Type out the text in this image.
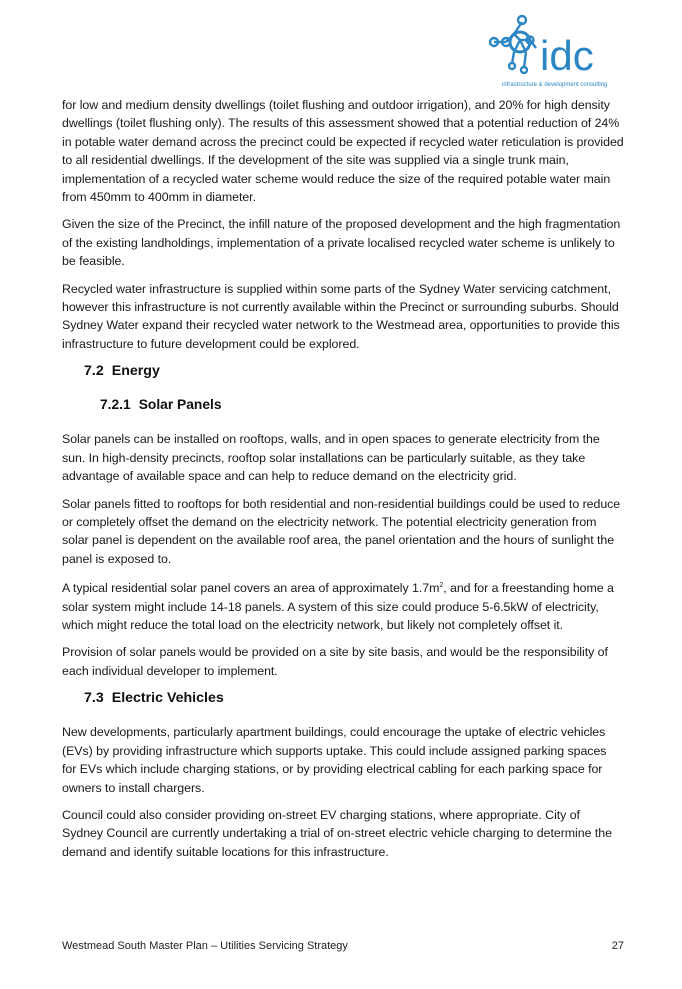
idc
infrastructure & development consulting

for low and medium density dwellings (toilet flushing and outdoor irrigation), and 20% for high density dwellings (toilet flushing only). The results of this assessment showed that a potential reduction of 24% in potable water demand across the precinct could be expected if recycled water reticulation is provided to all residential dwellings. If the development of the site was supplied via a single trunk main, implementation of a recycled water scheme would reduce the size of the required potable water main from 450mm to 400mm in diameter.

Given the size of the Precinct, the infill nature of the proposed development and the high fragmentation of the existing landholdings, implementation of a private localised recycled water scheme is unlikely to be feasible.

Recycled water infrastructure is supplied within some parts of the Sydney Water servicing catchment, however this infrastructure is not currently available within the Precinct or surrounding suburbs. Should Sydney Water expand their recycled water network to the Westmead area, opportunities to provide this infrastructure to future development could be explored.

7.2 Energy
7.2.1 Solar Panels

Solar panels can be installed on rooftops, walls, and in open spaces to generate electricity from the sun. In high-density precincts, rooftop solar installations can be particularly suitable, as they take advantage of available space and can help to reduce demand on the electricity grid.

Solar panels fitted to rooftops for both residential and non-residential buildings could be used to reduce or completely offset the demand on the electricity network. The potential electricity generation from solar panel is dependent on the available roof area, the panel orientation and the hours of sunlight the panel is exposed to.

A typical residential solar panel covers an area of approximately $1.7m^2$, and for a freestanding home a solar system might include 14-18 panels. A system of this size could produce 5-6.5kW of electricity, which might reduce the total load on the electricity network, but likely not completely offset it.

Provision of solar panels would be provided on a site by site basis, and would be the responsibility of each individual developer to implement.

7.3 Electric Vehicles

New developments, particularly apartment buildings, could encourage the uptake of electric vehicles (EVs) by providing infrastructure which supports uptake. This could include assigned parking spaces for EVs which include charging stations, or by providing electrical cabling for each parking space for owners to install chargers.

Council could also consider providing on-street EV charging stations, where appropriate. City of Sydney Council are currently undertaking a trial of on-street electric vehicle charging to determine the demand and identify suitable locations for this infrastructure.

Westmead South Master Plan – Utilities Servicing Strategy	27
